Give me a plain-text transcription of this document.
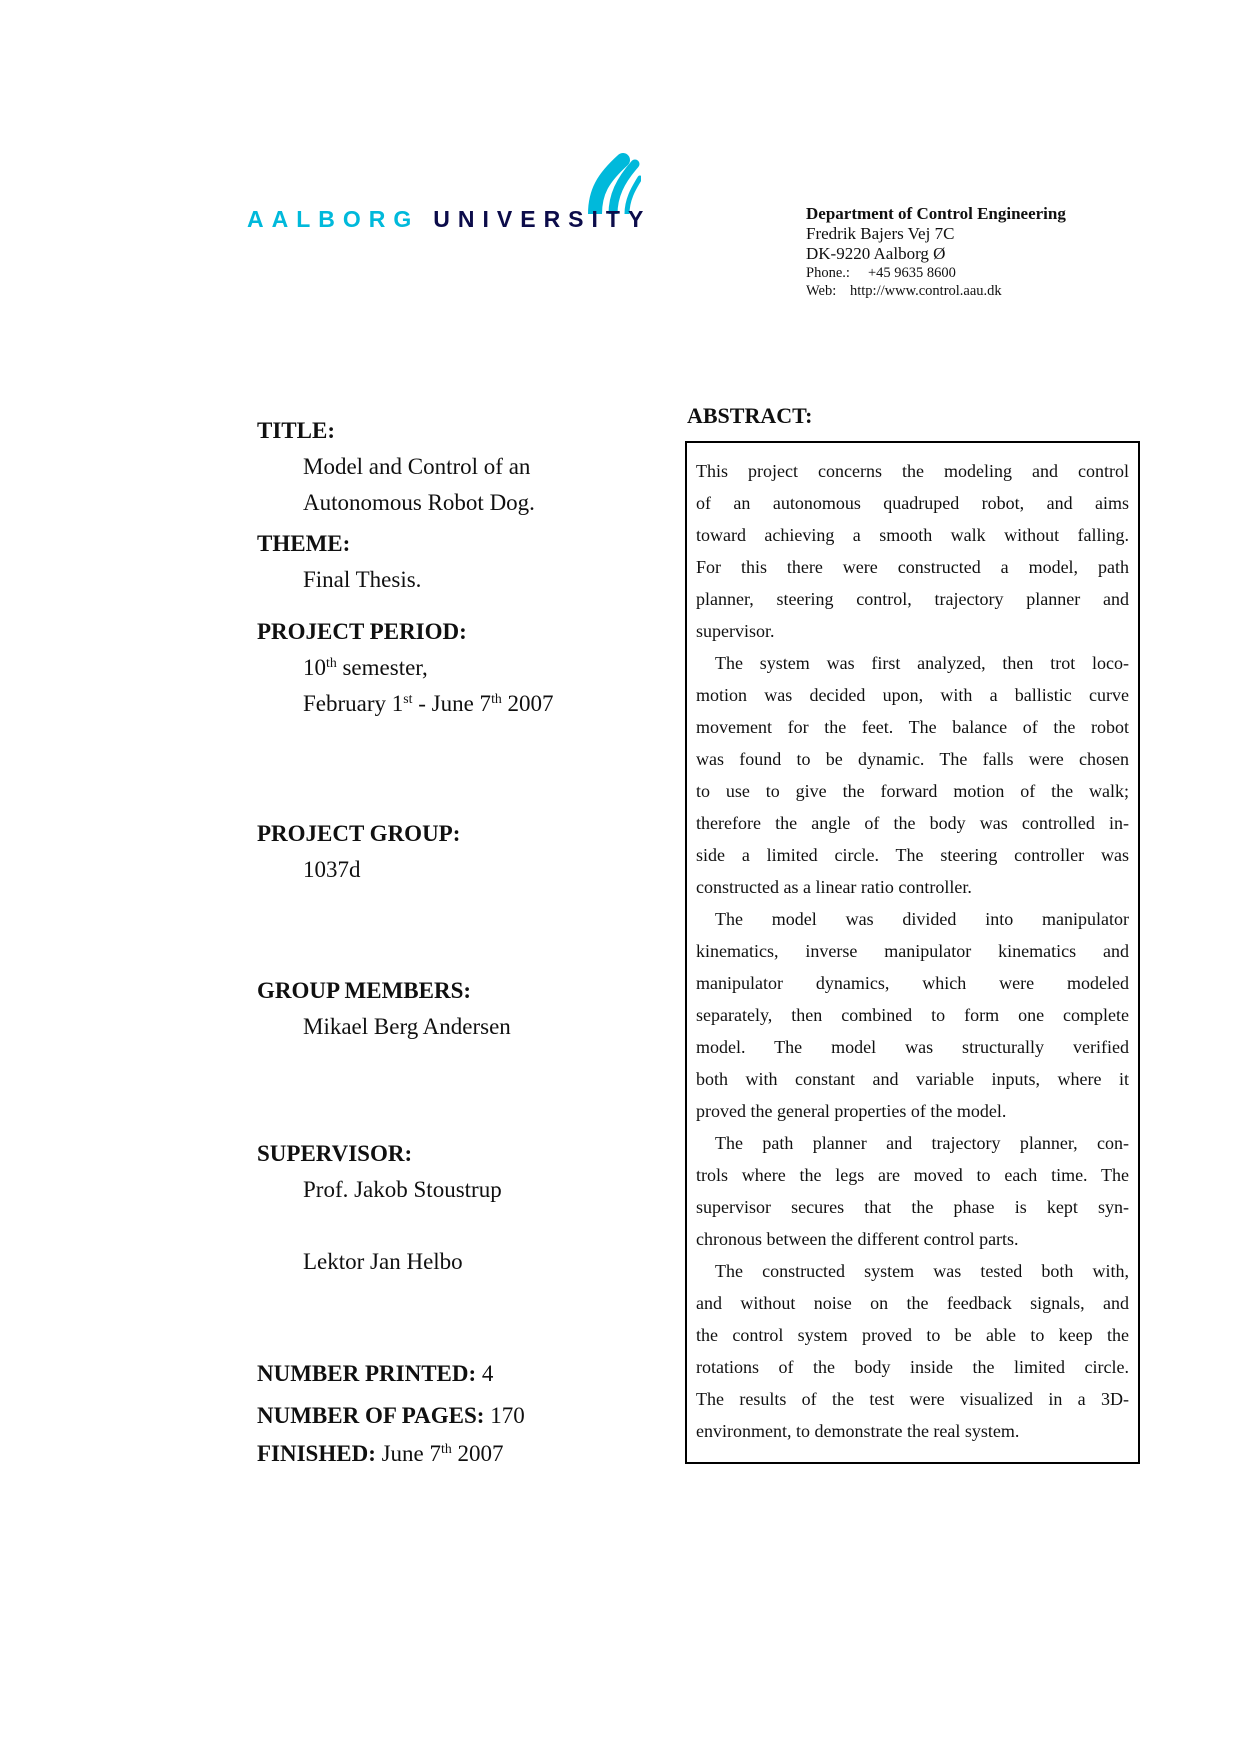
AALBORG UNIVERSITY	Department of Control Engineering
Fredrik Bajers Vej 7C
DK-9220 Aalborg Ø
Phone.: +45 9635 8600
Web: http://www.control.aau.dk
TITLE:
Model and Control of an
Autonomous Robot Dog.
THEME:
Final Thesis.
PROJECT PERIOD:
10th semester,
February 1st - June 7th 2007
PROJECT GROUP:
1037d
GROUP MEMBERS:
Mikael Berg Andersen
SUPERVISOR:
Prof. Jakob Stoustrup
Lektor Jan Helbo
NUMBER PRINTED: 4
NUMBER OF PAGES: 170
FINISHED: June 7th 2007
ABSTRACT:
This project concerns the modeling and control
of an autonomous quadruped robot, and aims
toward achieving a smooth walk without falling.
For this there were constructed a model, path
planner, steering control, trajectory planner and
supervisor.
The system was first analyzed, then trot loco-
motion was decided upon, with a ballistic curve
movement for the feet. The balance of the robot
was found to be dynamic. The falls were chosen
to use to give the forward motion of the walk;
therefore the angle of the body was controlled in-
side a limited circle. The steering controller was
constructed as a linear ratio controller.
The model was divided into manipulator
kinematics, inverse manipulator kinematics and
manipulator dynamics, which were modeled
separately, then combined to form one complete
model. The model was structurally verified
both with constant and variable inputs, where it
proved the general properties of the model.
The path planner and trajectory planner, con-
trols where the legs are moved to each time. The
supervisor secures that the phase is kept syn-
chronous between the different control parts.
The constructed system was tested both with,
and without noise on the feedback signals, and
the control system proved to be able to keep the
rotations of the body inside the limited circle.
The results of the test were visualized in a 3D-
environment, to demonstrate the real system.
